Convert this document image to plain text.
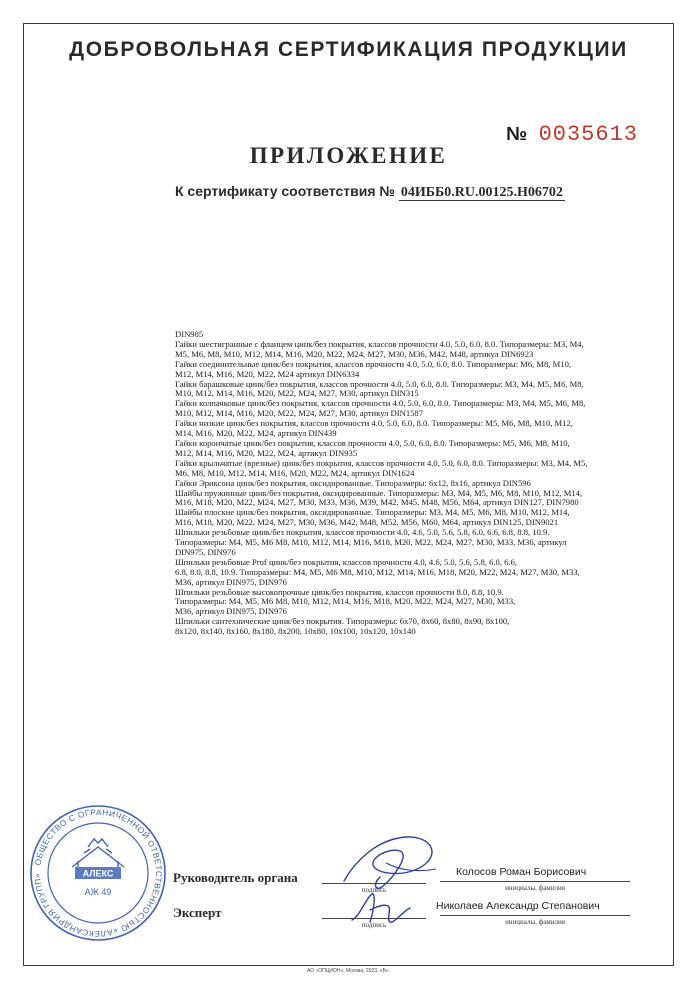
ДОБРОВОЛЬНАЯ СЕРТИФИКАЦИЯ ПРОДУКЦИИ
№ 0035613
ПРИЛОЖЕНИЕ
К сертификату соответствия № 04ИББ0.RU.00125.Н06702
DIN985
Гайки шестигранные с фланцем цинк/без покрытия, классов прочности 4.0, 5.0, 6.0, 8.0. Типоразмеры: М3, М4,
М5, М6, М8, М10, М12, М14, М16, М20, М22, М24, М27, М30, М36, М42, М48, артикул DIN6923
Гайки соединительные цинк/без покрытия, классов прочности 4.0, 5.0, 6.0, 8.0. Типоразмеры: М6, М8, М10,
М12, М14, М16, М20, М22, М24 артикул DIN6334
Гайки барашковые цинк/без покрытия, классов прочности 4.0, 5.0, 6.0, 8.0. Типоразмеры: М3, М4, М5, М6, М8,
М10, М12, М14, М16, М20, М22, М24, М27, М30, артикул DIN315
Гайки колпачковые цинк/без покрытия, классов прочности 4.0, 5.0, 6.0, 8.0. Типоразмеры: М3, М4, М5, М6, М8,
М10, М12, М14, М16, М20, М22, М24, М27, М30, артикул DIN1587
Гайки низкие цинк/без покрытия, классов прочности 4.0, 5.0, 6.0, 8.0. Типоразмеры: М5, М6, М8, М10, М12,
М14, М16, М20, М22, М24, артикул DIN439
Гайки корончатые цинк/без покрытия, классов прочности 4.0, 5.0, 6.0, 8.0. Типоразмеры: М5, М6, М8, М10,
М12, М14, М16, М20, М22, М24, артикул DIN935
Гайки крыльчатые (врезные) цинк/без покрытия, классов прочности 4.0, 5.0, 6.0, 8.0. Типоразмеры: М3, М4, М5,
М6, М8, М10, М12, М14, М16, М20, М22, М24, артикул DIN1624
Гайки Эриксона цинк/без покрытия, оксидированные. Типоразмеры: 6х12, 8х16, артикул DIN596
Шайбы пружинные цинк/без покрытия, оксидированные. Типоразмеры: М3, М4, М5, М6, М8, М10, М12, М14,
М16, М18, М20, М22, М24, М27, М30, М33, М36, М39, М42, М45, М48, М56, М64, артикул DIN127, DIN7980
Шайбы плоские цинк/без покрытия, оксидированные. Типоразмеры: М3, М4, М5, М6, М8, М10, М12, М14,
М16, М18, М20, М22, М24, М27, М30, М36, М42, М48, М52, М56, М60, М64, артикул DIN125, DIN9021
Шпильки резьбовые цинк/без покрытия, классов прочности 4.0, 4.6, 5.0, 5.6, 5.8, 6.0, 6.6, 6.8, 8.8, 10.9.
Типоразмеры: М4, М5, М6 М8, М10, М12, М14, М16, М18, М20, М22, М24, М27, М30, М33, М36, артикул
DIN975, DIN976
Шпильки резьбовые Prof цинк/без покрытия, классов прочности 4.0, 4.6, 5.0, 5.6, 5.8, 6.0, 6.6,
6.8, 8.0, 8.8, 10.9. Типоразмеры: М4, М5, М6 М8, М10, М12, М14, М16, М18, М20, М22, М24, М27, М30, М33,
М36, артикул DIN975, DIN976
Шпильки резьбовые высокопрочные цинк/без покрытия, классов прочности 8.0, 8.8, 10.9.
Типоразмеры: М4, М5, М6 М8, М10, М12, М14, М16, М18, М20, М22, М24, М27, М30, М33,
М36, артикул DIN975, DIN976
Шпильки сантехнические цинк/без покрытия. Типоразмеры: 6х70, 8х60, 8х80, 8х90, 8х100,
8х120, 8х140, 8х160, 8х180, 8х200, 10х80, 10х100, 10х120, 10х140
ОБЩЕСТВО С ОГРАНИЧЕННОЙ ОТВЕТСТВЕННОСТЬЮ «АЛЕКСАНДРИЯ ГРУПП»	АЛЕКС
АЖ 49
Руководитель органа
подпись
Колосов Роман Борисович
инициалы, фамилия
Эксперт
подпись
Николаев Александр Степанович
инициалы, фамилия
АО «ОПЦИОН», Москва, 2023, «Б».
